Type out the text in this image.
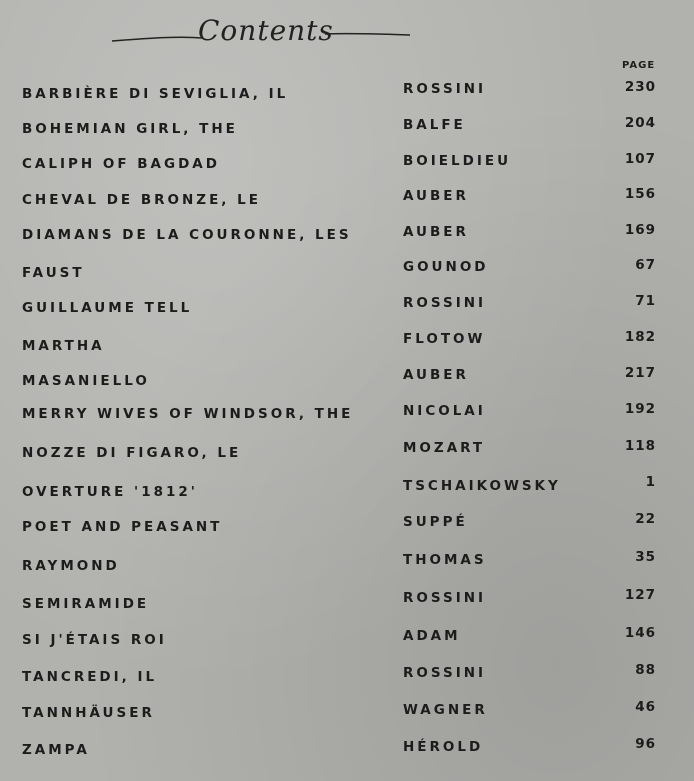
Contents
PAGE
BARBIÈRE DI SEVIGLIA, IL	ROSSINI	230
BOHEMIAN GIRL, THE	BALFE	204
CALIPH OF BAGDAD	BOIELDIEU	107
CHEVAL DE BRONZE, LE	AUBER	156
DIAMANS DE LA COURONNE, LES	AUBER	169
FAUST	GOUNOD	67
GUILLAUME TELL	ROSSINI	71
MARTHA	FLOTOW	182
MASANIELLO	AUBER	217
MERRY WIVES OF WINDSOR, THE	NICOLAI	192
NOZZE DI FIGARO, LE	MOZART	118
OVERTURE '1812'	TSCHAIKOWSKY	1
POET AND PEASANT	SUPPÉ	22
RAYMOND	THOMAS	35
SEMIRAMIDE	ROSSINI	127
SI J'ÉTAIS ROI	ADAM	146
TANCREDI, IL	ROSSINI	88
TANNHÄUSER	WAGNER	46
ZAMPA	HÉROLD	96
